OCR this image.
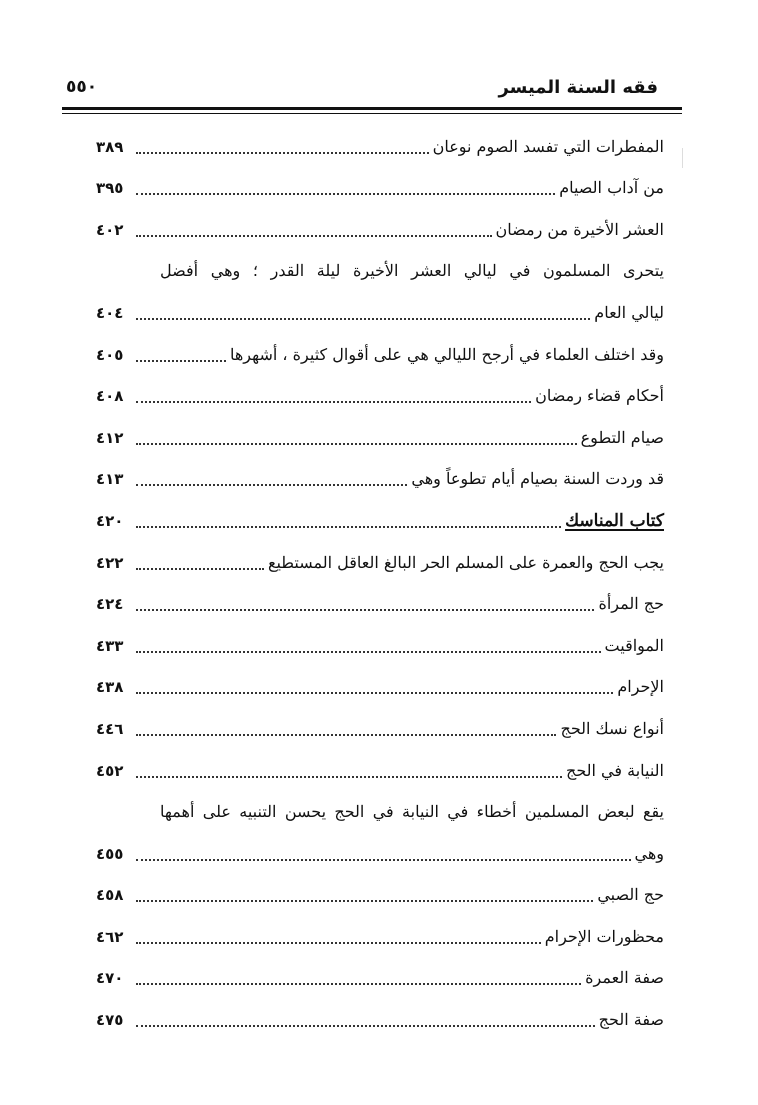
فقه السنة الميسر
٥٥٠
المفطرات التي تفسد الصوم نوعان
٣٨٩
من آداب الصيام
٣٩٥
العشر الأخيرة من رمضان
٤٠٢
يتحرى المسلمون في ليالي العشر الأخيرة ليلة القدر ؛ وهي أفضل
ليالي العام
٤٠٤
وقد اختلف العلماء في أرجح الليالي هي على أقوال كثيرة ، أشهرها
٤٠٥
أحكام قضاء رمضان
٤٠٨
صيام التطوع
٤١٢
قد وردت السنة بصيام أيام تطوعاً وهي
٤١٣
كتاب المناسك
٤٢٠
يجب الحج والعمرة على المسلم الحر البالغ العاقل المستطيع
٤٢٢
حج المرأة
٤٢٤
المواقيت
٤٣٣
الإحرام
٤٣٨
أنواع نسك الحج
٤٤٦
النيابة في الحج
٤٥٢
يقع لبعض المسلمين أخطاء في النيابة في الحج يحسن التنبيه على أهمها
وهي
٤٥٥
حج الصبي
٤٥٨
محظورات الإحرام
٤٦٢
صفة العمرة
٤٧٠
صفة الحج
٤٧٥
